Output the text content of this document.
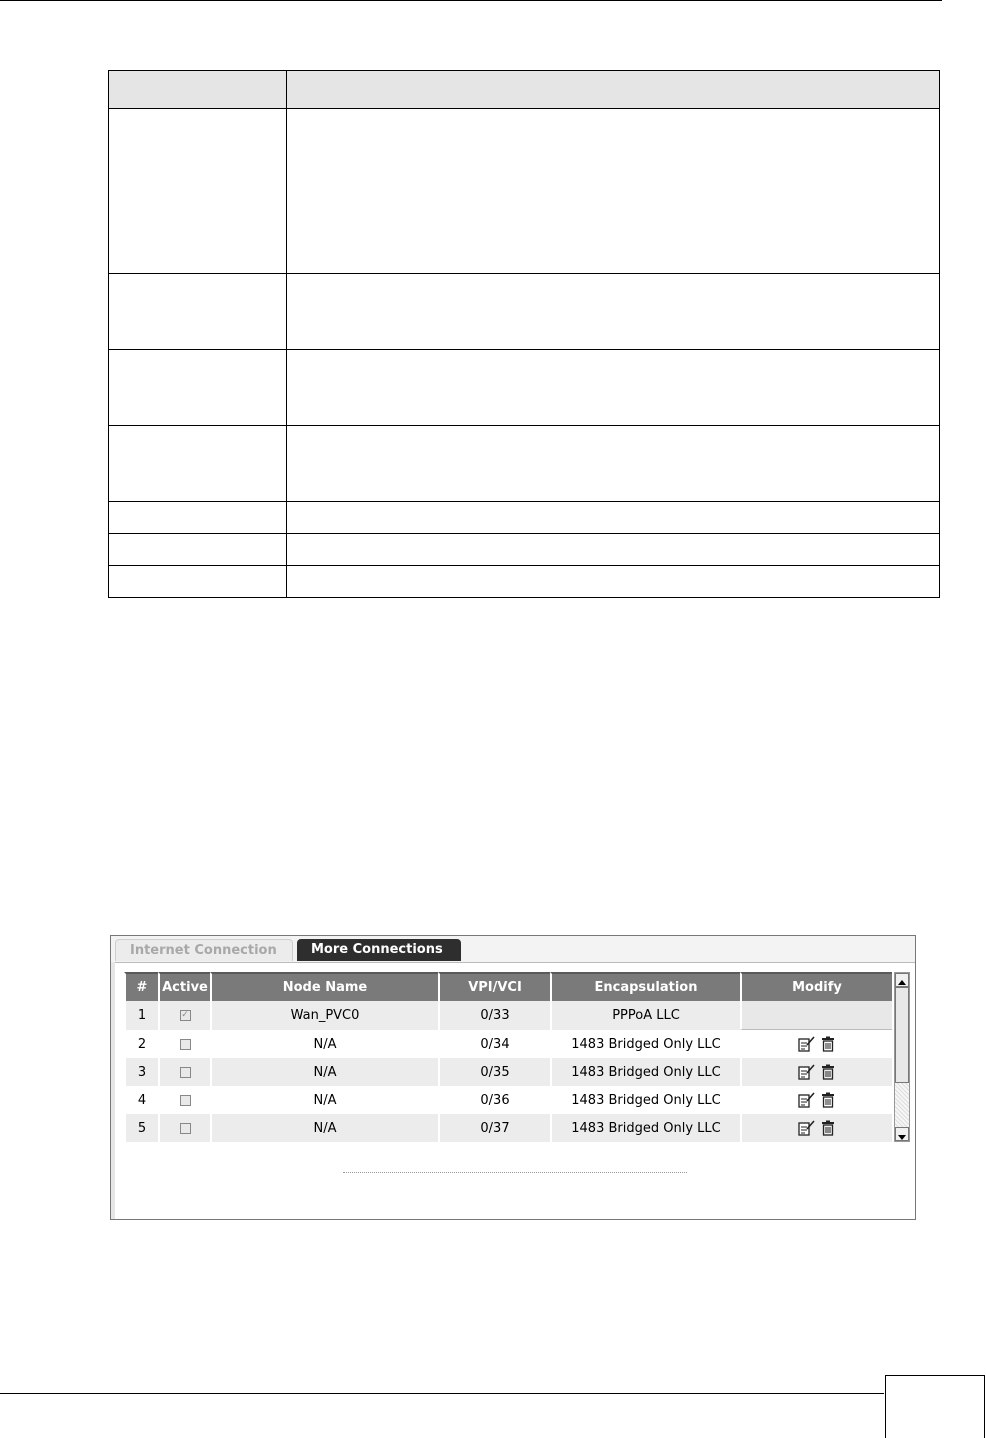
Internet Connection	More Connections
#	Active	Node Name	VPI/VCI	Encapsulation	Modify
1	✓	Wan_PVC0	0/33	PPPoA LLC	
2		N/A	0/34	1483 Bridged Only LLC	
3		N/A	0/35	1483 Bridged Only LLC	
4		N/A	0/36	1483 Bridged Only LLC	
5		N/A	0/37	1483 Bridged Only LLC	
